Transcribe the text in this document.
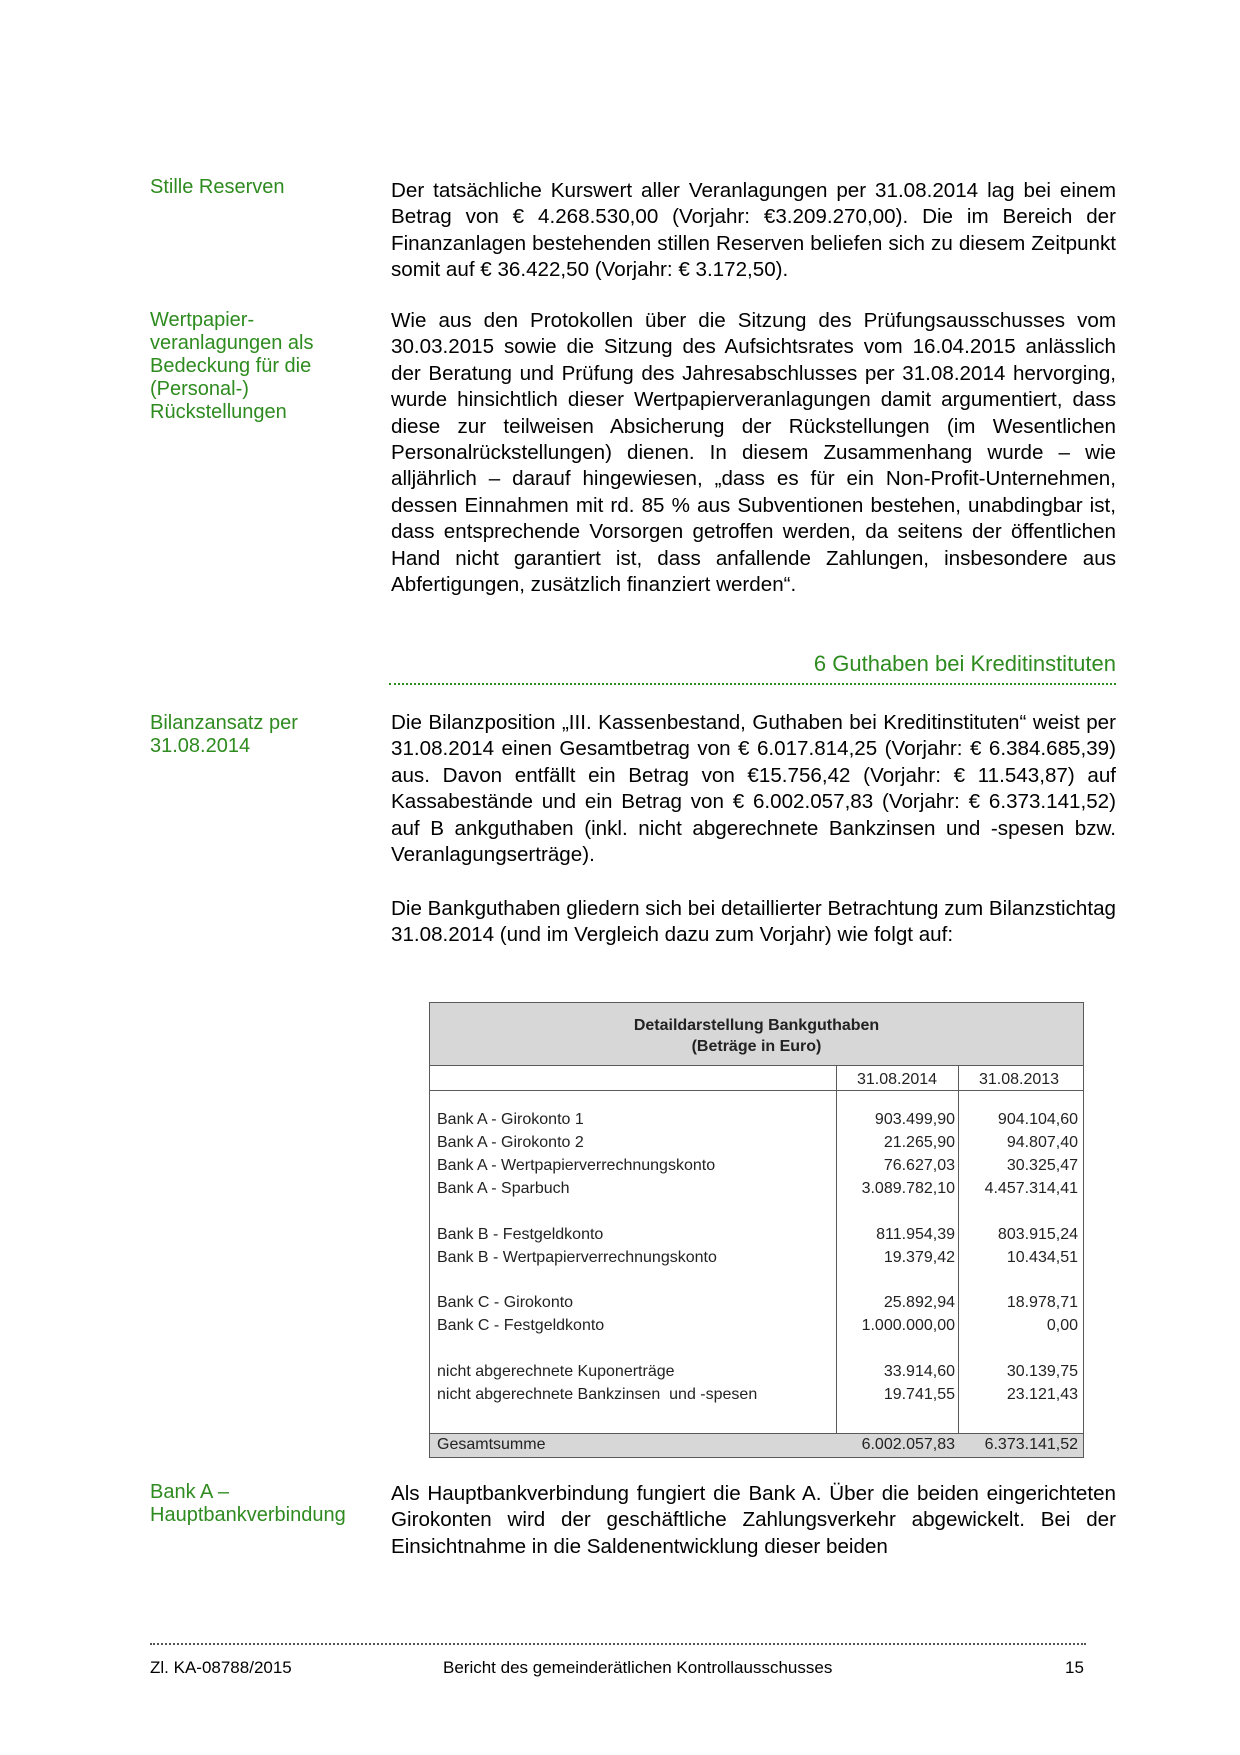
Stille Reserven	Der tatsächliche Kurswert aller Veranlagungen per 31.08.2014 lag bei einem Betrag von € 4.268.530,00 (Vorjahr: €3.209.270,00). Die im Bereich der Finanzanlagen bestehenden stillen Reserven beliefen sich zu diesem Zeitpunkt somit auf € 36.422,50 (Vorjahr: € 3.172,50).
Wertpapier-veranlagungen als Bedeckung für die (Personal-) Rückstellungen
Wie aus den Protokollen über die Sitzung des Prüfungsausschusses vom 30.03.2015 sowie die Sitzung des Aufsichtsrates vom 16.04.2015 anlässlich der Beratung und Prüfung des Jahresabschlusses per 31.08.2014 hervorging, wurde hinsichtlich dieser Wertpapierveranlagungen damit argumentiert, dass diese zur teilweisen Absicherung der Rückstellungen (im Wesentlichen Personalrückstellungen) dienen. In diesem Zusammenhang wurde – wie alljährlich – darauf hingewiesen, „dass es für ein Non-Profit-Unternehmen, dessen Einnahmen mit rd. 85 % aus Subventionen bestehen, unabdingbar ist, dass entsprechende Vorsorgen getroffen werden, da seitens der öffentlichen Hand nicht garantiert ist, dass anfallende Zahlungen, insbesondere aus Abfertigungen, zusätzlich finanziert werden“.
6 Guthaben bei Kreditinstituten
Bilanzansatz per 31.08.2014
Die Bilanzposition „III. Kassenbestand, Guthaben bei Kreditinstituten“ weist per 31.08.2014 einen Gesamtbetrag von € 6.017.814,25 (Vorjahr: € 6.384.685,39) aus. Davon entfällt ein Betrag von €15.756,42 (Vorjahr: € 11.543,87) auf Kassabestände und ein Betrag von € 6.002.057,83 (Vorjahr: € 6.373.141,52) auf B ankguthaben (inkl. nicht abgerechnete Bankzinsen und -spesen bzw. Veranlagungserträge).
Die Bankguthaben gliedern sich bei detaillierter Betrachtung zum Bilanzstichtag 31.08.2014 (und im Vergleich dazu zum Vorjahr) wie folgt auf:
Detaildarstellung Bankguthaben
(Beträge in Euro)
31.08.2014	31.08.2013
Bank A - Girokonto 1	903.499,90	904.104,60
Bank A - Girokonto 2	21.265,90	94.807,40
Bank A - Wertpapierverrechnungskonto	76.627,03	30.325,47
Bank A - Sparbuch	3.089.782,10 4.457.314,41
Bank B - Festgeldkonto	811.954,39	803.915,24
Bank B - Wertpapierverrechnungskonto	19.379,42	10.434,51
Bank C - Girokonto	25.892,94	18.978,71
Bank C - Festgeldkonto	1.000.000,00	0,00
nicht abgerechnete Kuponerträge	33.914,60	30.139,75
nicht abgerechnete Bankzinsen  und -spesen	19.741,55	23.121,43
Gesamtsumme	6.002.057,83 6.373.141,52
Bank A – Hauptbankverbindung
Als Hauptbankverbindung fungiert die Bank A. Über die beiden eingerichteten Girokonten wird der geschäftliche Zahlungsverkehr abgewickelt. Bei der Einsichtnahme in die Saldenentwicklung dieser beiden
Zl. KA-08788/2015	Bericht des gemeinderätlichen Kontrollausschusses	15
